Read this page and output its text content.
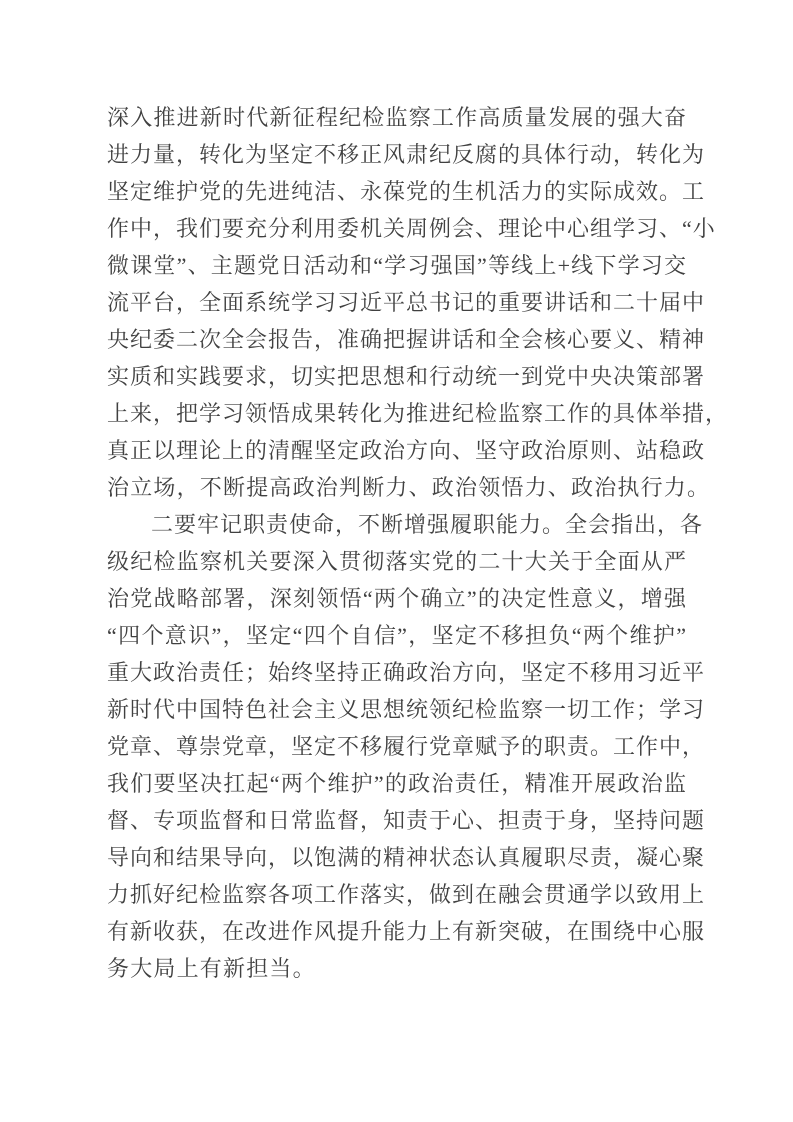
深入推进新时代新征程纪检监察工作高质量发展的强大奋
进力量，转化为坚定不移正风肃纪反腐的具体行动，转化为
坚定维护党的先进纯洁、永葆党的生机活力的实际成效。工
作中，我们要充分利用委机关周例会、理论中心组学习、“小
微课堂”、主题党日活动和“学习强国”等线上+线下学习交
流平台，全面系统学习习近平总书记的重要讲话和二十届中
央纪委二次全会报告，准确把握讲话和全会核心要义、精神
实质和实践要求，切实把思想和行动统一到党中央决策部署
上来，把学习领悟成果转化为推进纪检监察工作的具体举措，
真正以理论上的清醒坚定政治方向、坚守政治原则、站稳政
治立场，不断提高政治判断力、政治领悟力、政治执行力。
二要牢记职责使命，不断增强履职能力。全会指出，各
级纪检监察机关要深入贯彻落实党的二十大关于全面从严
治党战略部署，深刻领悟“两个确立”的决定性意义，增强
“四个意识”，坚定“四个自信”，坚定不移担负“两个维护”
重大政治责任；始终坚持正确政治方向，坚定不移用习近平
新时代中国特色社会主义思想统领纪检监察一切工作；学习
党章、尊崇党章，坚定不移履行党章赋予的职责。工作中，
我们要坚决扛起“两个维护”的政治责任，精准开展政治监
督、专项监督和日常监督，知责于心、担责于身，坚持问题
导向和结果导向，以饱满的精神状态认真履职尽责，凝心聚
力抓好纪检监察各项工作落实，做到在融会贯通学以致用上
有新收获，在改进作风提升能力上有新突破，在围绕中心服
务大局上有新担当。
